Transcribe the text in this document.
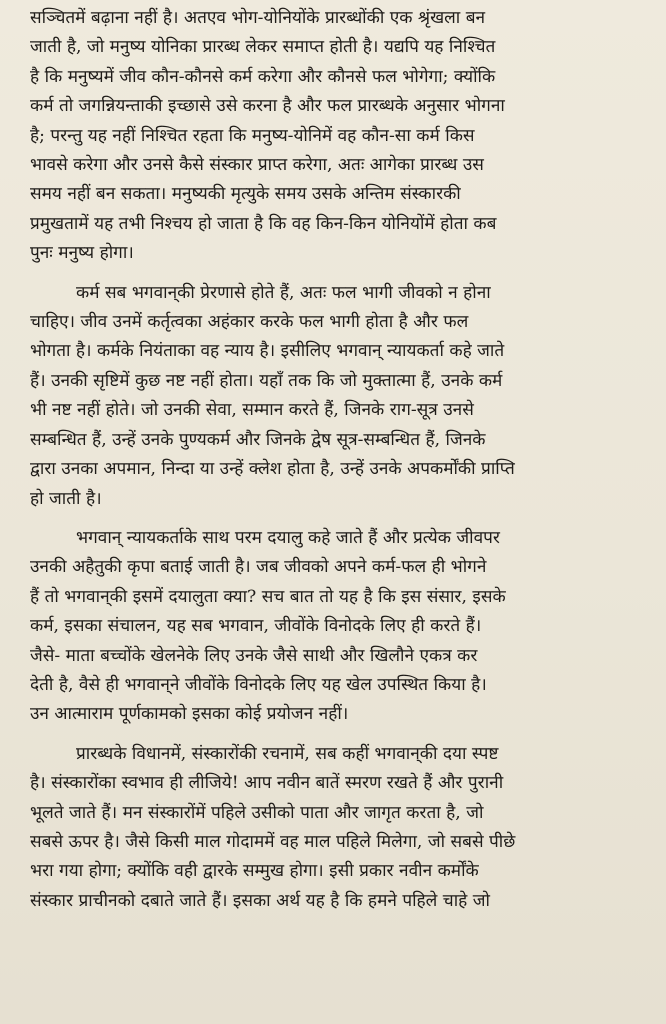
सञ्चितमें बढ़ाना नहीं है। अतएव भोग-योनियोंके प्रारब्धोंकी एक श्रृंखला बन
जाती है, जो मनुष्य योनिका प्रारब्ध लेकर समाप्त होती है। यद्यपि यह निश्चित
है कि मनुष्यमें जीव कौन-कौनसे कर्म करेगा और कौनसे फल भोगेगा; क्योंकि
कर्म तो जगन्नियन्ताकी इच्छासे उसे करना है और फल प्रारब्धके अनुसार भोगना
है; परन्तु यह नहीं निश्चित रहता कि मनुष्य-योनिमें वह कौन-सा कर्म किस
भावसे करेगा और उनसे कैसे संस्कार प्राप्त करेगा, अतः आगेका प्रारब्ध उस
समय नहीं बन सकता। मनुष्यकी मृत्युके समय उसके अन्तिम संस्कारकी
प्रमुखतामें यह तभी निश्चय हो जाता है कि वह किन-किन योनियोंमें होता कब
पुनः मनुष्य होगा।

कर्म सब भगवान्‌की प्रेरणासे होते हैं, अतः फल भागी जीवको न होना
चाहिए। जीव उनमें कर्तृत्वका अहंकार करके फल भागी होता है और फल
भोगता है। कर्मके नियंताका वह न्याय है। इसीलिए भगवान् न्यायकर्ता कहे जाते
हैं। उनकी सृष्टिमें कुछ नष्ट नहीं होता। यहाँ तक कि जो मुक्तात्मा हैं, उनके कर्म
भी नष्ट नहीं होते। जो उनकी सेवा, सम्मान करते हैं, जिनके राग-सूत्र उनसे
सम्बन्धित हैं, उन्हें उनके पुण्यकर्म और जिनके द्वेष सूत्र-सम्बन्धित हैं, जिनके
द्वारा उनका अपमान, निन्दा या उन्हें क्लेश होता है, उन्हें उनके अपकर्मोंकी प्राप्ति
हो जाती है।

भगवान् न्यायकर्ताके साथ परम दयालु कहे जाते हैं और प्रत्येक जीवपर
उनकी अहैतुकी कृपा बताई जाती है। जब जीवको अपने कर्म-फल ही भोगने
हैं तो भगवान्‌की इसमें दयालुता क्या? सच बात तो यह है कि इस संसार, इसके
कर्म, इसका संचालन, यह सब भगवान, जीवोंके विनोदके लिए ही करते हैं।
जैसे- माता बच्चोंके खेलनेके लिए उनके जैसे साथी और खिलौने एकत्र कर
देती है, वैसे ही भगवान्‌ने जीवोंके विनोदके लिए यह खेल उपस्थित किया है।
उन आत्माराम पूर्णकामको इसका कोई प्रयोजन नहीं।

प्रारब्धके विधानमें, संस्कारोंकी रचनामें, सब कहीं भगवान्‌की दया स्पष्ट
है। संस्कारोंका स्वभाव ही लीजिये! आप नवीन बातें स्मरण रखते हैं और पुरानी
भूलते जाते हैं। मन संस्कारोंमें पहिले उसीको पाता और जागृत करता है, जो
सबसे ऊपर है। जैसे किसी माल गोदाममें वह माल पहिले मिलेगा, जो सबसे पीछे
भरा गया होगा; क्योंकि वही द्वारके सम्मुख होगा। इसी प्रकार नवीन कर्मोंके
संस्कार प्राचीनको दबाते जाते हैं। इसका अर्थ यह है कि हमने पहिले चाहे जो
